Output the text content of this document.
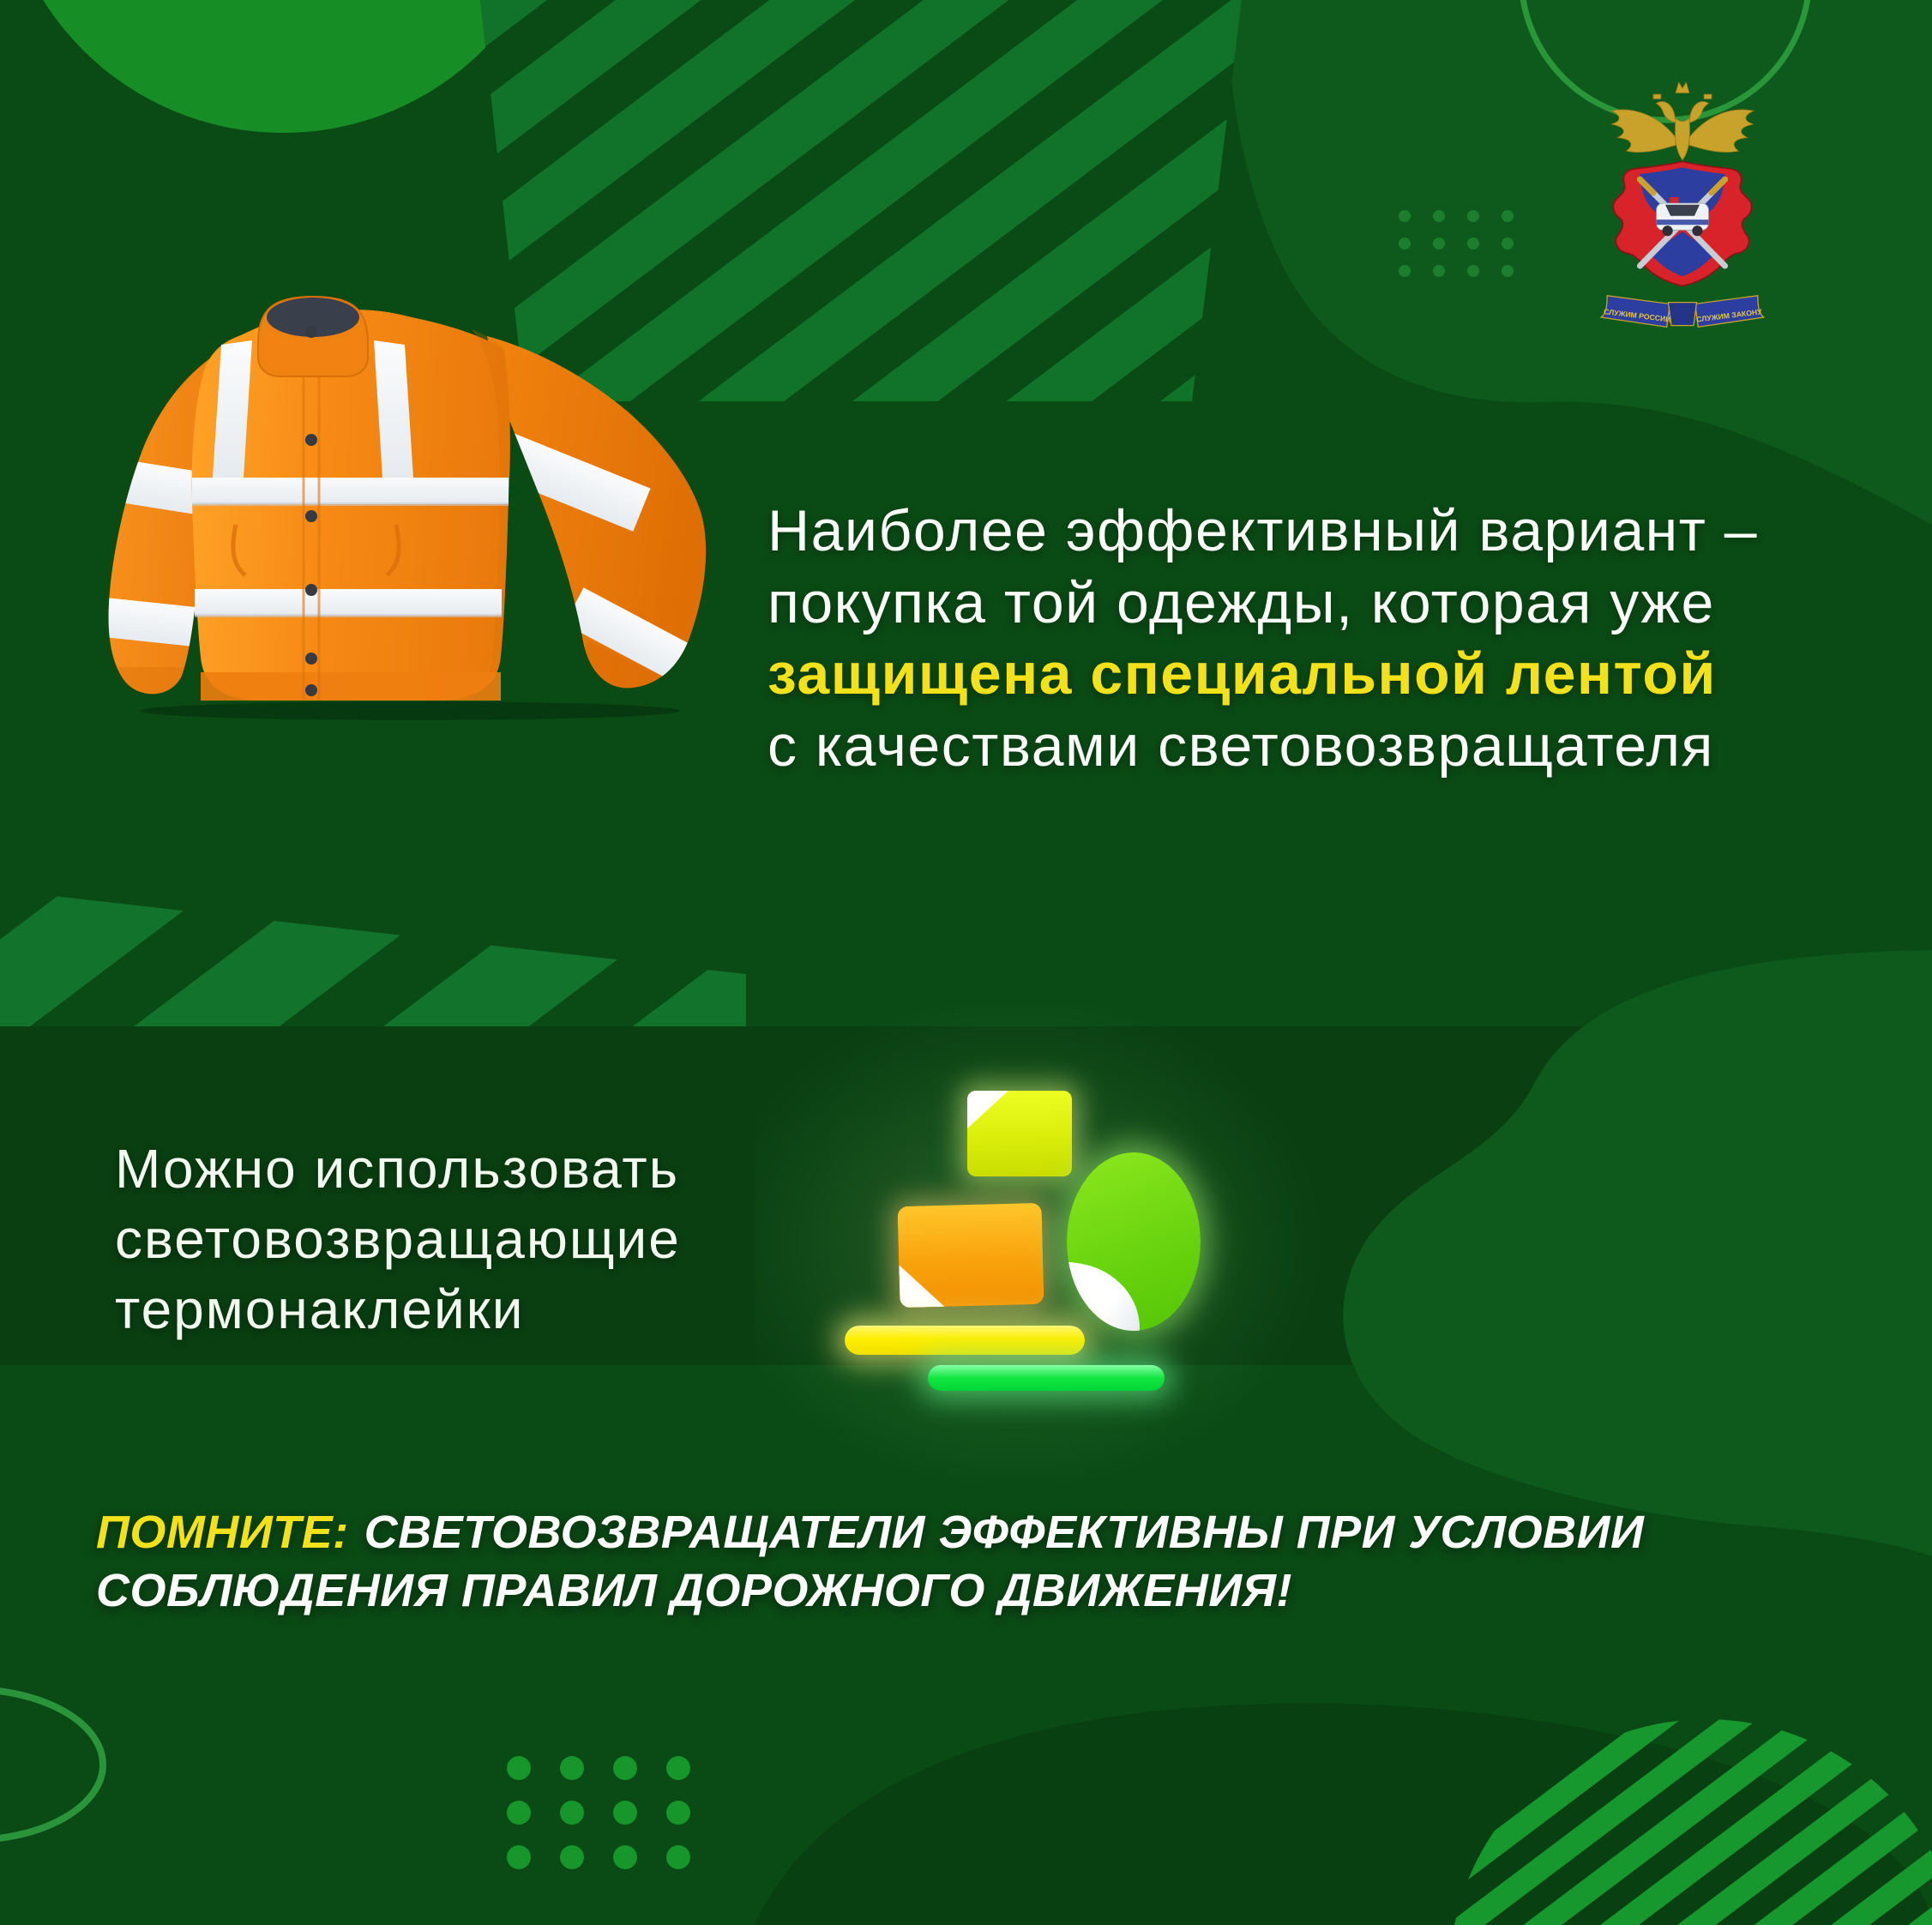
СЛУЖИМ РОССИИ	СЛУЖИМ ЗАКОНУ
Наиболее эффективный вариант –
покупка той одежды, которая уже
защищена специальной лентой
с качествами световозвращателя
Можно использовать
световозвращающие
термонаклейки
ПОМНИТЕ: СВЕТОВОЗВРАЩАТЕЛИ ЭФФЕКТИВНЫ ПРИ УСЛОВИИ
СОБЛЮДЕНИЯ ПРАВИЛ ДОРОЖНОГО ДВИЖЕНИЯ!
